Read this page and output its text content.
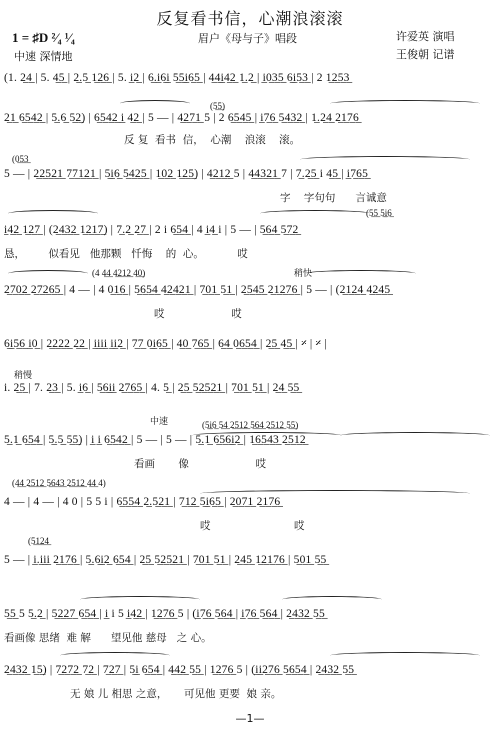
反复看书信，心潮浪滚滚
1 = ♯D ²⁄₄ ¹⁄₄
中速 深情地
眉户《母与子》唱段	许爱英 演唱
王俊朝 记谱
(5̲5̲)
(0̲5̲3̲
(5̲5̲ 5̲i̲6̲
(4 4̲4̲ 4̲2̲1̲2̲ 4̲0̲)	稍快
稍慢
中速	(5̲i̲6̲ 5̲4̲ 2̲5̲1̲2̲ 5̲6̲4̲ 2̲5̲1̲2̲ 5̲5̲)
(4̲4̲ 2̲5̲1̲2̲ 5̲6̲4̲3̲ 2̲5̲1̲2̲ 4̲4̲ 4)
(5̲1̲2̲4̲
(1. 2̲4̲ | 5. 4̲5̲ | 2̲.5̲ 1̲2̲6̲ | 5. i̲2̲ | 6̲.i̲6̲i̲ 5̲5̲i̲6̲5̲ | 4̲4̲i̲4̲2̲ 1̲.2̲ | i̲0̲3̲5̲ 6̲i̲5̲3̲ | 2 1̲2̲5̲3̲
2̲1̲ 6̲5̲4̲2̲ | 5̲.6̲ 5̲2̲) | 6̲5̲4̲2̲ i̲ 4̲2̲ | 5 — | 4̲2̲7̲1̲ 5 | 2 6̲5̲4̲5̲ | i̲7̲6̲ 5̲4̲3̲2̲ | 1̲.2̲4̲ 2̲1̲7̲6̲
反 复  看书  信，  心潮    浪滚    滚。
5 — | 2̲2̲5̲2̲1̲ 7̲7̲1̲2̲1̲ | 5̲i̲6̲ 5̲4̲2̲5̲ | 1̲0̲2̲ 1̲2̲5̲) | 4̲2̲1̲2̲ 5 | 4̲4̲3̲2̲1̲ 7 | 7̲.2̲5̲ i 4̲5̲ | i̲7̲6̲5̲
字    字句句      言诚意
i̲4̲2̲ 1̲2̲7̲ | (2̲4̲3̲2̲ 1̲2̲1̲7̲) | 7̲.2̲ 2̲7̲ | 2 i 6̲5̲4̲ | 4 i̲4̲ i | 5 — | 5̲6̲4̲ 5̲7̲2̲
恳，       似看见   他那颗   忏悔    的  心。          哎
2̲7̲0̲2̲ 2̲7̲2̲6̲5̲ | 4 — | 4 0̲1̲6̲ | 5̲6̲5̲4̲ 4̲2̲4̲2̲1̲ | 7̲0̲1̲ 5̲1̲ | 2̲5̲4̲5̲ 2̲1̲2̲7̲6̲ | 5 — | (2̲1̲2̲4̲ 4̲2̲4̲5̲
哎                    哎
6̲i̲5̲6̲ i̲0̲ | 2̲2̲2̲2̲ 2̲2̲ | i̲i̲i̲i̲ i̲i̲2̲ | 7̲7̲ 0̲i̲6̲5̲ | 4̲0̲ 7̲6̲5̲ | 6̲4̲ 0̲6̲5̲4̲ | 2̲5̲ 4̲5̲ | 𝄎 | 𝄎 |
i. 2̲5̲ | 7. 2̲3̲ | 5. i̲6̲ | 5̲6̲i̲i̲ 2̲7̲6̲5̲ | 4. 5̲ | 2̲5̲ 5̲2̲5̲2̲1̲ | 7̲0̲1̲ 5̲1̲ | 2̲4̲ 5̲5̲
5̲.1̲ 6̲5̲4̲ | 5̲.5̲ 5̲5̲) | i̲ i̲ 6̲5̲4̲2̲ | 5 — | 5 — | 5̲.1̲ 6̲5̲6̲i̲2̲ | 1̲6̲5̲4̲3̲ 2̲5̲1̲2̲
看画       像                    哎
4 — | 4 — | 4 0 | 5 5 i | 6̲5̲5̲4̲ 2̲.5̲2̲1̲ | 7̲1̲2̲ 5̲i̲6̲5̲ | 2̲0̲7̲1̲ 2̲1̲7̲6̲
哎                         哎
5 — | i̲.i̲i̲i̲ 2̲1̲7̲6̲ | 5̲.6̲i̲2̲ 6̲5̲4̲ | 2̲5̲ 5̲2̲5̲2̲1̲ | 7̲0̲1̲ 5̲1̲ | 2̲4̲5̲ 1̲2̲1̲7̲6̲ | 5̲0̲1̲ 5̲5̲
5̲5̲ 5 5̲.2̲ | 5̲2̲2̲7̲ 6̲5̲4̲ | i̲ i 5 i̲4̲2̲ | 1̲2̲7̲6̲ 5 | (i̲7̲6̲ 5̲6̲4̲ | i̲7̲6̲ 5̲6̲4̲ | 2̲4̲3̲2̲ 5̲5̲
看画像 思绪  难 解      望见他 慈母   之 心。
2̲4̲3̲2̲ 1̲5̲) | 7̲2̲7̲2̲ 7̲2̲ | 7̲2̲7̲ | 5̲i̲ 6̲5̲4̲ | 4̲4̲2̲ 5̲5̲ | 1̲2̲7̲6̲ 5 | (i̲i̲2̲7̲6̲ 5̲6̲5̲4̲ | 2̲4̲3̲2̲ 5̲5̲
无 娘 儿 相思 之意，     可见他 更要  娘 亲。
—1—
